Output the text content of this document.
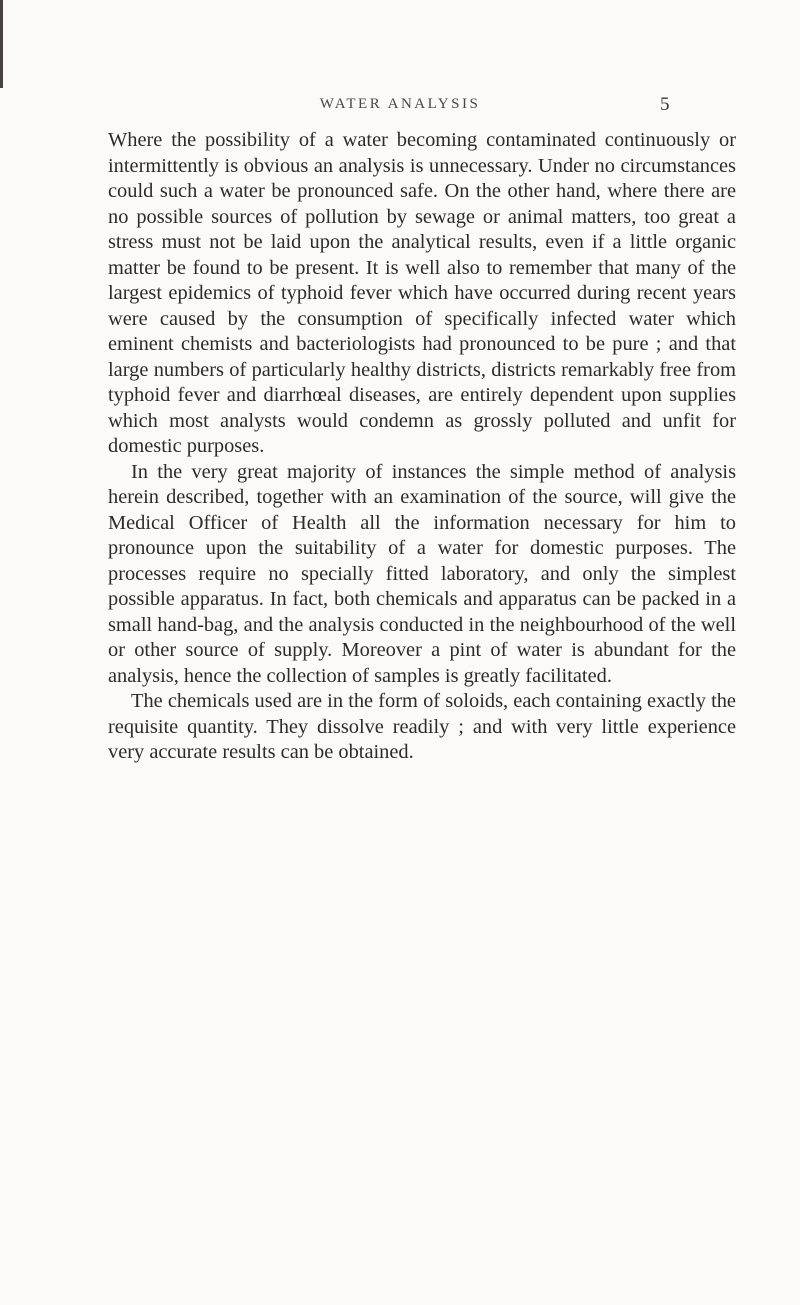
WATER ANALYSIS	5

Where the possibility of a water becoming contaminated continuously or intermittently is obvious an analysis is unnecessary. Under no circumstances could such a water be pronounced safe. On the other hand, where there are no possible sources of pollution by sewage or animal matters, too great a stress must not be laid upon the analytical results, even if a little organic matter be found to be present. It is well also to remember that many of the largest epidemics of typhoid fever which have occurred during recent years were caused by the consumption of specifically infected water which eminent chemists and bacteriologists had pronounced to be pure ; and that large numbers of particularly healthy districts, districts remarkably free from typhoid fever and diarrhœal diseases, are entirely dependent upon supplies which most analysts would condemn as grossly polluted and unfit for domestic purposes.

In the very great majority of instances the simple method of analysis herein described, together with an examination of the source, will give the Medical Officer of Health all the information necessary for him to pronounce upon the suitability of a water for domestic purposes. The processes require no specially fitted laboratory, and only the simplest possible apparatus. In fact, both chemicals and apparatus can be packed in a small hand-bag, and the analysis conducted in the neighbourhood of the well or other source of supply. Moreover a pint of water is abundant for the analysis, hence the collection of samples is greatly facilitated.

The chemicals used are in the form of soloids, each containing exactly the requisite quantity. They dissolve readily ; and with very little experience very accurate results can be obtained.
